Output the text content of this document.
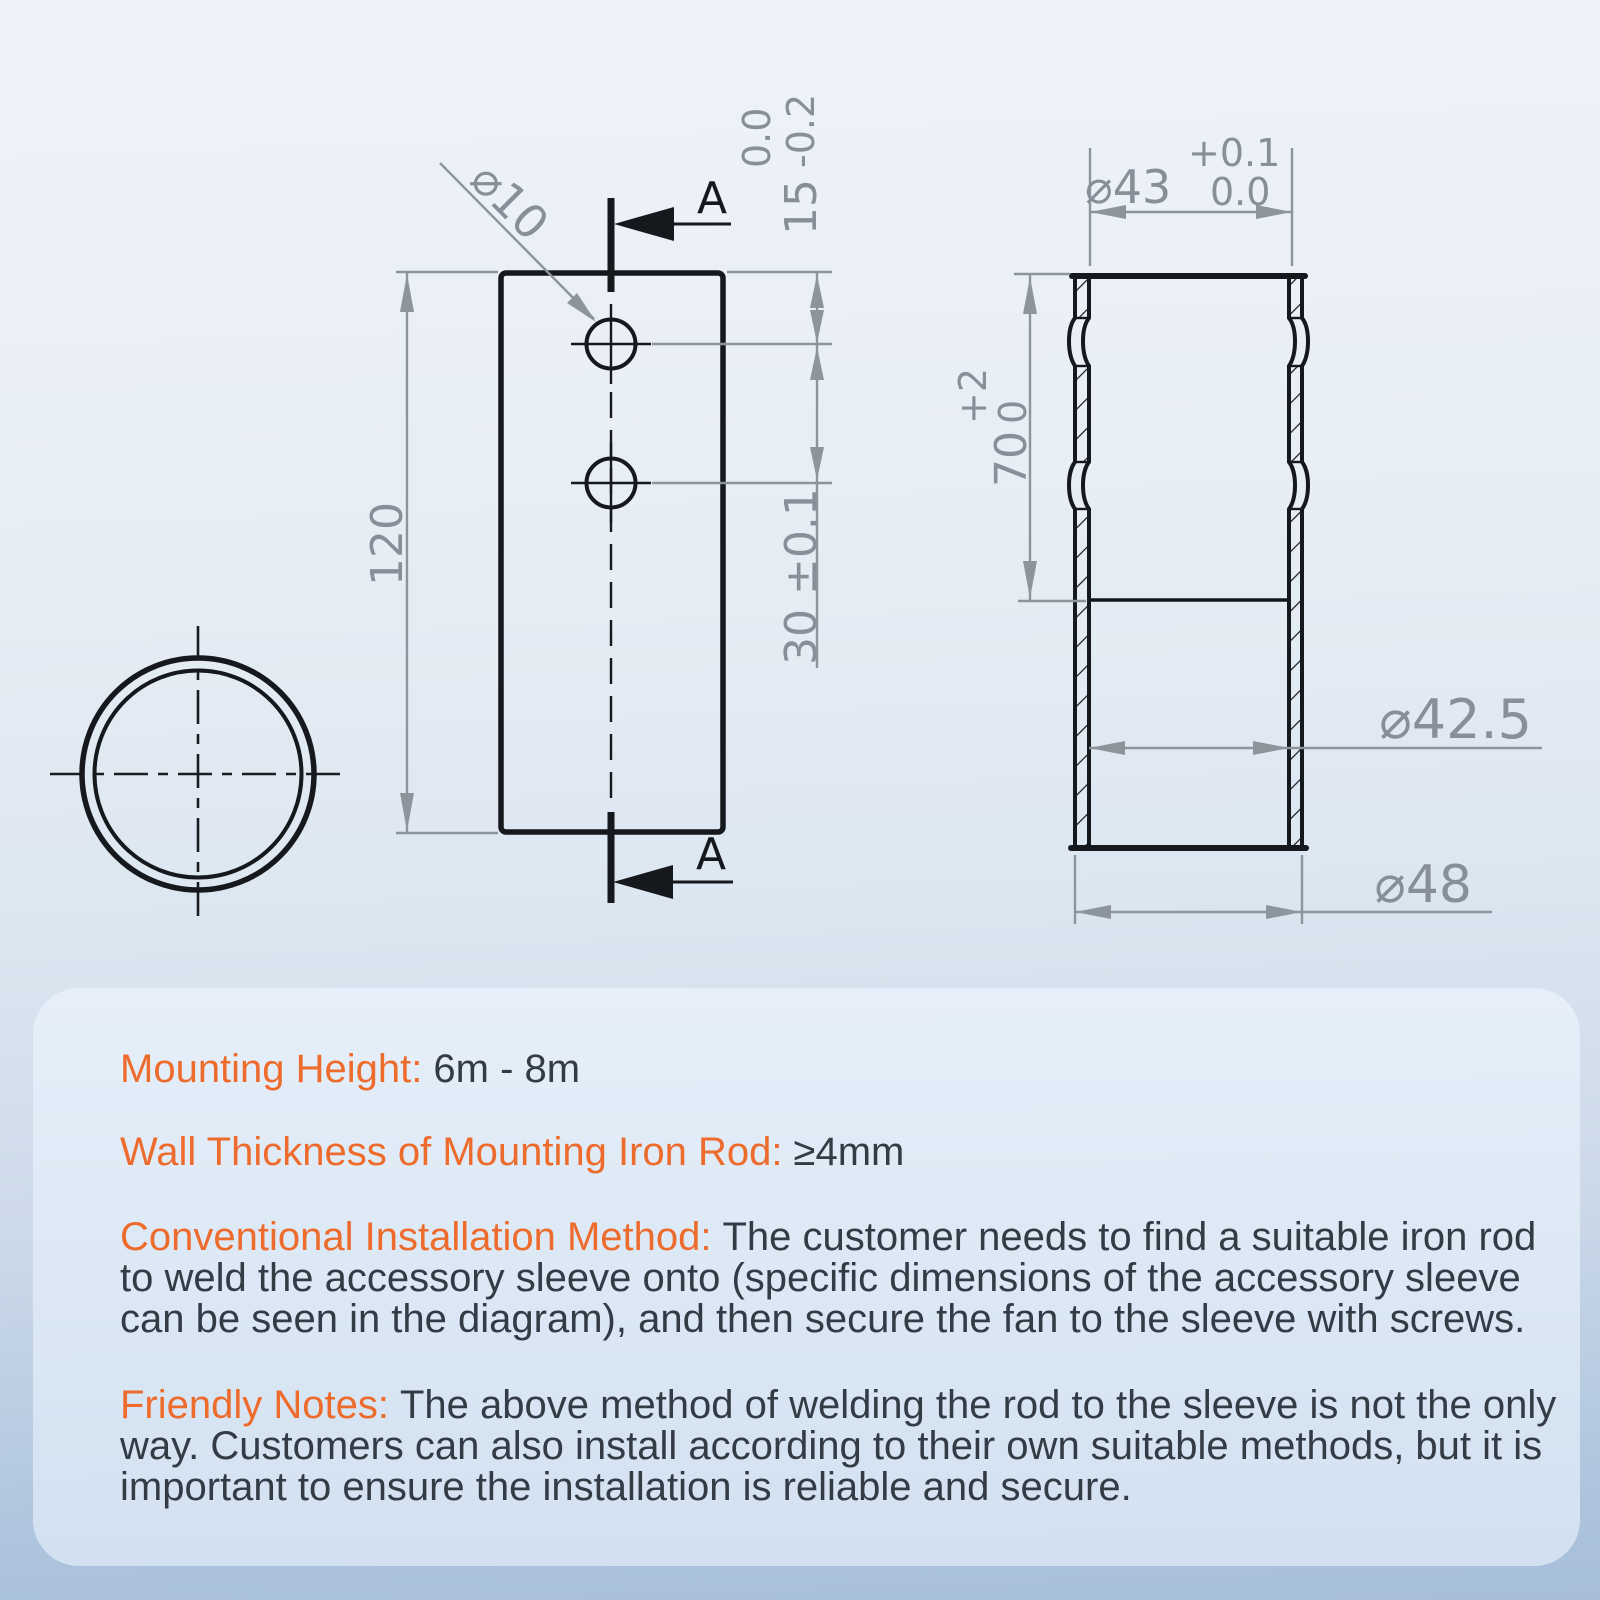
A
A
120
15
-0.2
0.0
30 ±0.1
⌀10	⌀43
+0.1
0.0
70
0
+2
⌀42.5
⌀48
Mounting Height: 6m - 8m
Wall Thickness of Mounting Iron Rod: ≥4mm
Conventional Installation Method: The customer needs to find a suitable iron rod
to weld the accessory sleeve onto (specific dimensions of the accessory sleeve
can be seen in the diagram), and then secure the fan to the sleeve with screws.
Friendly Notes: The above method of welding the rod to the sleeve is not the only
way. Customers can also install according to their own suitable methods, but it is
important to ensure the installation is reliable and secure.
